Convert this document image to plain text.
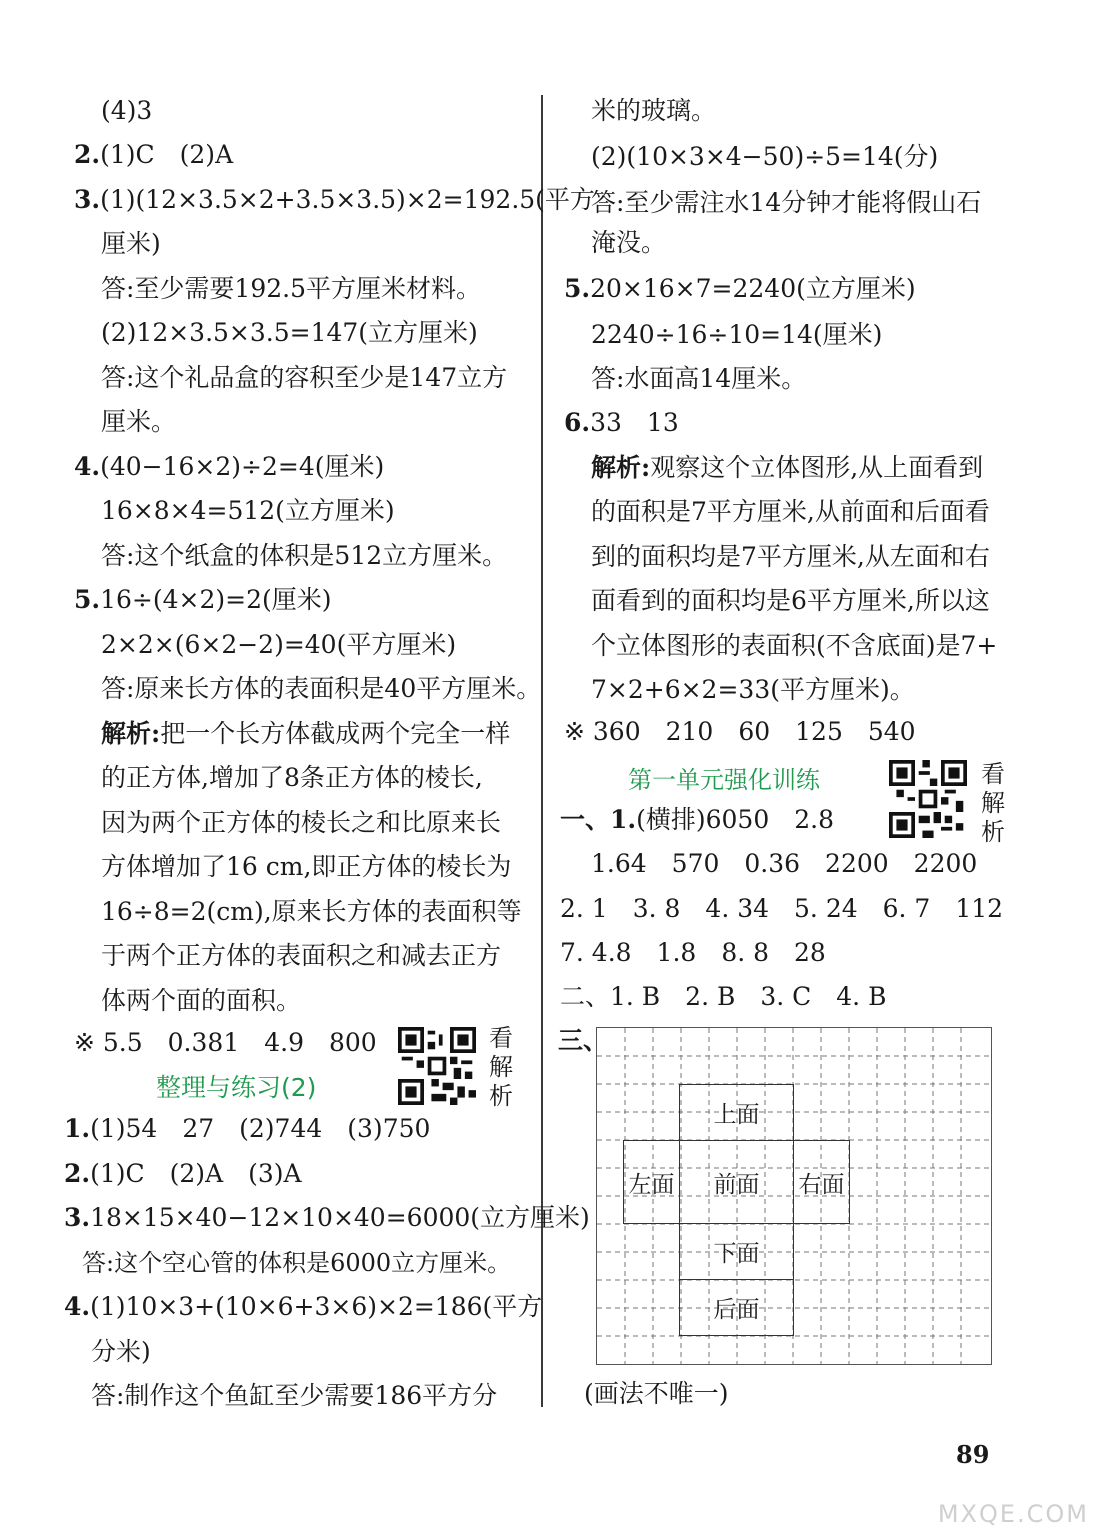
(4)3
2.(1)C　(2)A
3.(1)(12×3.5×2+3.5×3.5)×2=192.5(平方
厘米)
答:至少需要192.5平方厘米材料。
(2)12×3.5×3.5=147(立方厘米)
答:这个礼品盒的容积至少是147立方
厘米。
4.(40−16×2)÷2=4(厘米)
16×8×4=512(立方厘米)
答:这个纸盒的体积是512立方厘米。
5.16÷(4×2)=2(厘米)
2×2×(6×2−2)=40(平方厘米)
答:原来长方体的表面积是40平方厘米。
解析:把一个长方体截成两个完全一样
的正方体,增加了8条正方体的棱长,
因为两个正方体的棱长之和比原来长
方体增加了16 cm,即正方体的棱长为
16÷8=2(cm),原来长方体的表面积等
于两个正方体的表面积之和减去正方
体两个面的面积。
※ 5.5　0.381　4.9　800	看解析
整理与练习(2)
1.(1)54　27　(2)744　(3)750
2.(1)C　(2)A　(3)A
3.18×15×40−12×10×40=6000(立方厘米)
答:这个空心管的体积是6000立方厘米。
4.(1)10×3+(10×6+3×6)×2=186(平方
分米)
答:制作这个鱼缸至少需要186平方分
米的玻璃。
(2)(10×3×4−50)÷5=14(分)
答:至少需注水14分钟才能将假山石
淹没。
5.20×16×7=2240(立方厘米)
2240÷16÷10=14(厘米)
答:水面高14厘米。
6.33　13
解析:观察这个立体图形,从上面看到
的面积是7平方厘米,从前面和后面看
到的面积均是7平方厘米,从左面和右
面看到的面积均是6平方厘米,所以这
个立体图形的表面积(不含底面)是7+
7×2+6×2=33(平方厘米)。
※ 360　210　60　125　540
第一单元强化训练	看解析
一、1.(横排)6050　2.8
1.64　570　0.36　2200　2200
2. 1　3. 8　4. 34　5. 24　6. 7　112
7. 4.8　1.8　8. 8　28
二、1. B　2. B　3. C　4. B
三、
上面
左面	前面	右面
下面
后面
(画法不唯一)
89
MXQE.COM
